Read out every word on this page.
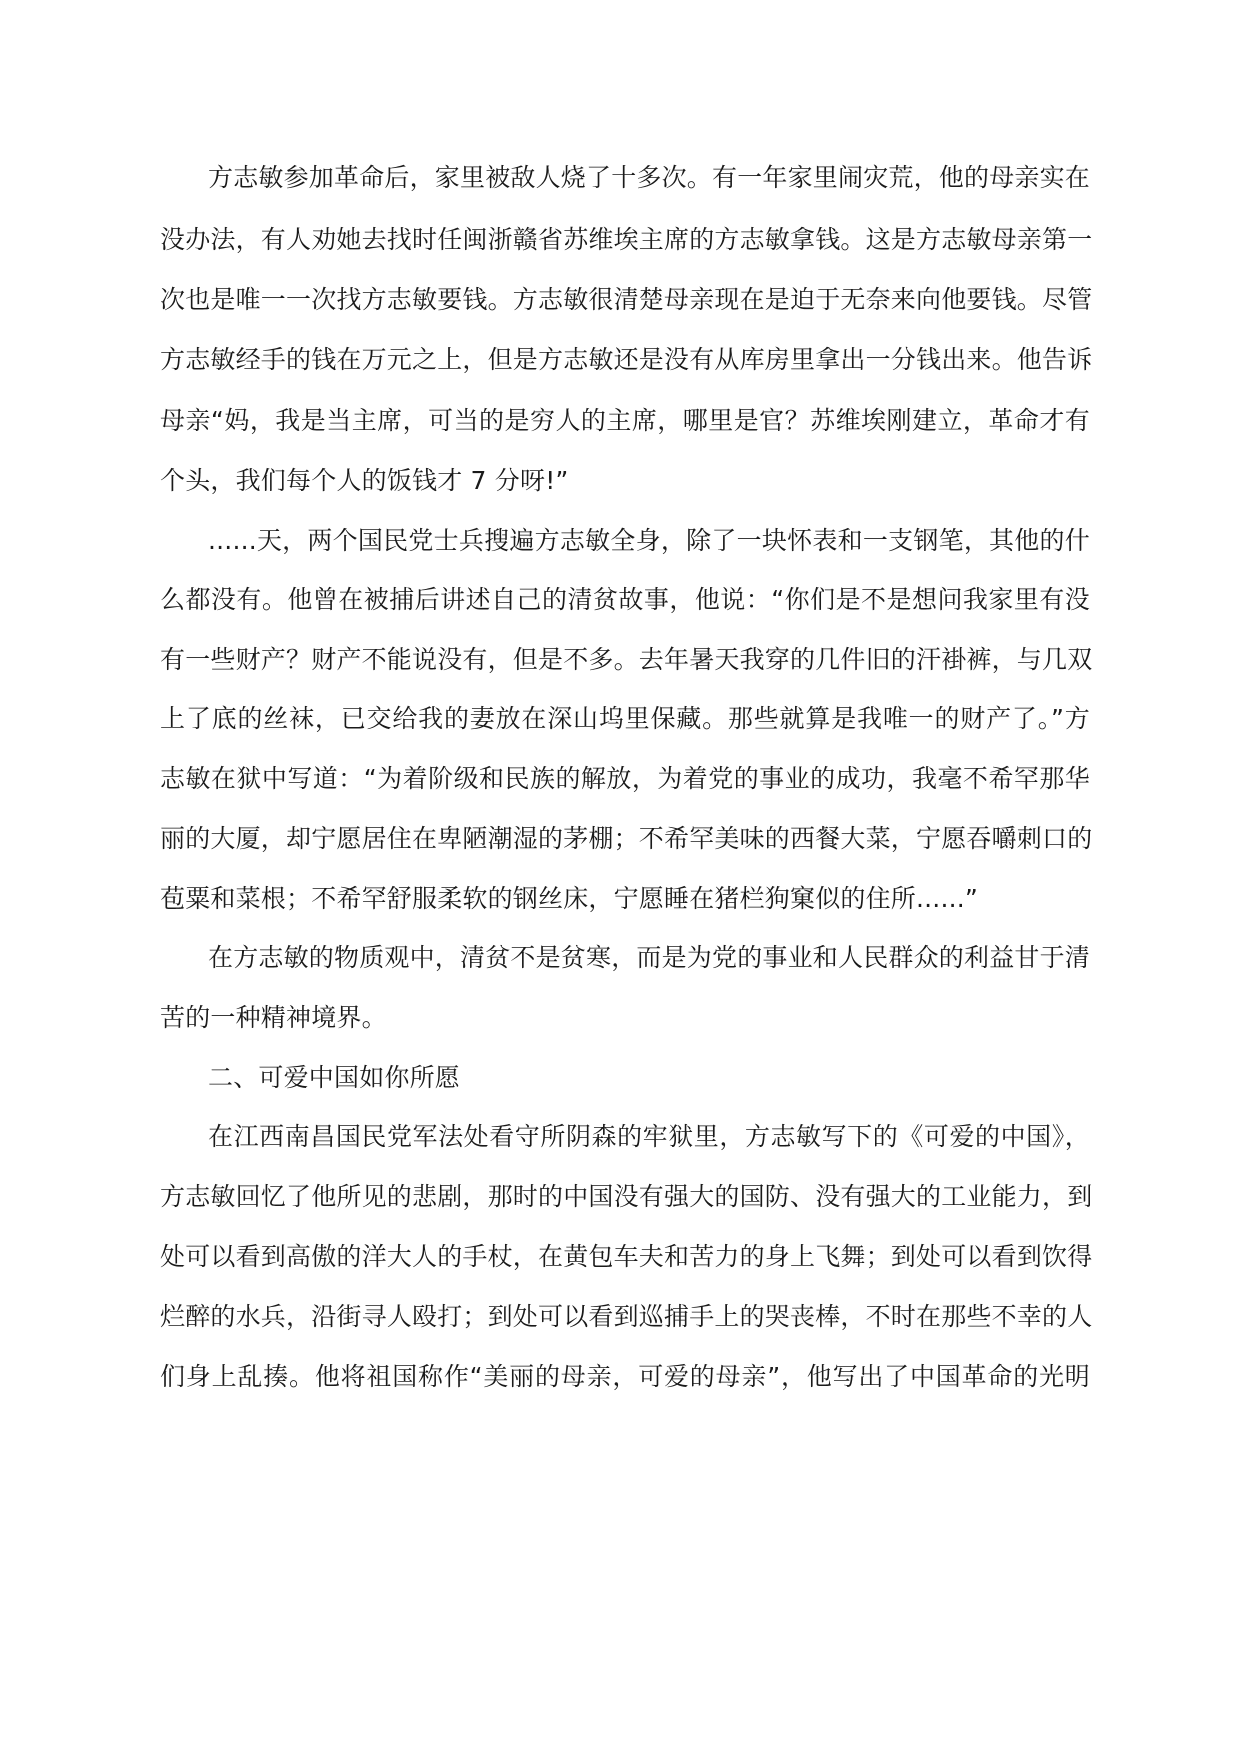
方志敏参加革命后，家里被敌人烧了十多次。有一年家里闹灾荒，他的母亲实在
没办法，有人劝她去找时任闽浙赣省苏维埃主席的方志敏拿钱。这是方志敏母亲第一
次也是唯一一次找方志敏要钱。方志敏很清楚母亲现在是迫于无奈来向他要钱。尽管
方志敏经手的钱在万元之上，但是方志敏还是没有从库房里拿出一分钱出来。他告诉
母亲“妈，我是当主席，可当的是穷人的主席，哪里是官？苏维埃刚建立，革命才有
个头，我们每个人的饭钱才 7 分呀!”
......天，两个国民党士兵搜遍方志敏全身，除了一块怀表和一支钢笔，其他的什
么都没有。他曾在被捕后讲述自己的清贫故事，他说：“你们是不是想问我家里有没
有一些财产？财产不能说没有，但是不多。去年暑天我穿的几件旧的汗褂裤，与几双
上了底的丝袜，已交给我的妻放在深山坞里保藏。那些就算是我唯一的财产了。”方
志敏在狱中写道：“为着阶级和民族的解放，为着党的事业的成功，我毫不希罕那华
丽的大厦，却宁愿居住在卑陋潮湿的茅棚；不希罕美味的西餐大菜，宁愿吞嚼刺口的
苞粟和菜根；不希罕舒服柔软的钢丝床，宁愿睡在猪栏狗窠似的住所......”
在方志敏的物质观中，清贫不是贫寒，而是为党的事业和人民群众的利益甘于清
苦的一种精神境界。
二、可爱中国如你所愿
在江西南昌国民党军法处看守所阴森的牢狱里，方志敏写下的《可爱的中国》，
方志敏回忆了他所见的悲剧，那时的中国没有强大的国防、没有强大的工业能力，到
处可以看到高傲的洋大人的手杖，在黄包车夫和苦力的身上飞舞；到处可以看到饮得
烂醉的水兵，沿街寻人殴打；到处可以看到巡捕手上的哭丧棒，不时在那些不幸的人
们身上乱揍。他将祖国称作“美丽的母亲，可爱的母亲”，他写出了中国革命的光明
